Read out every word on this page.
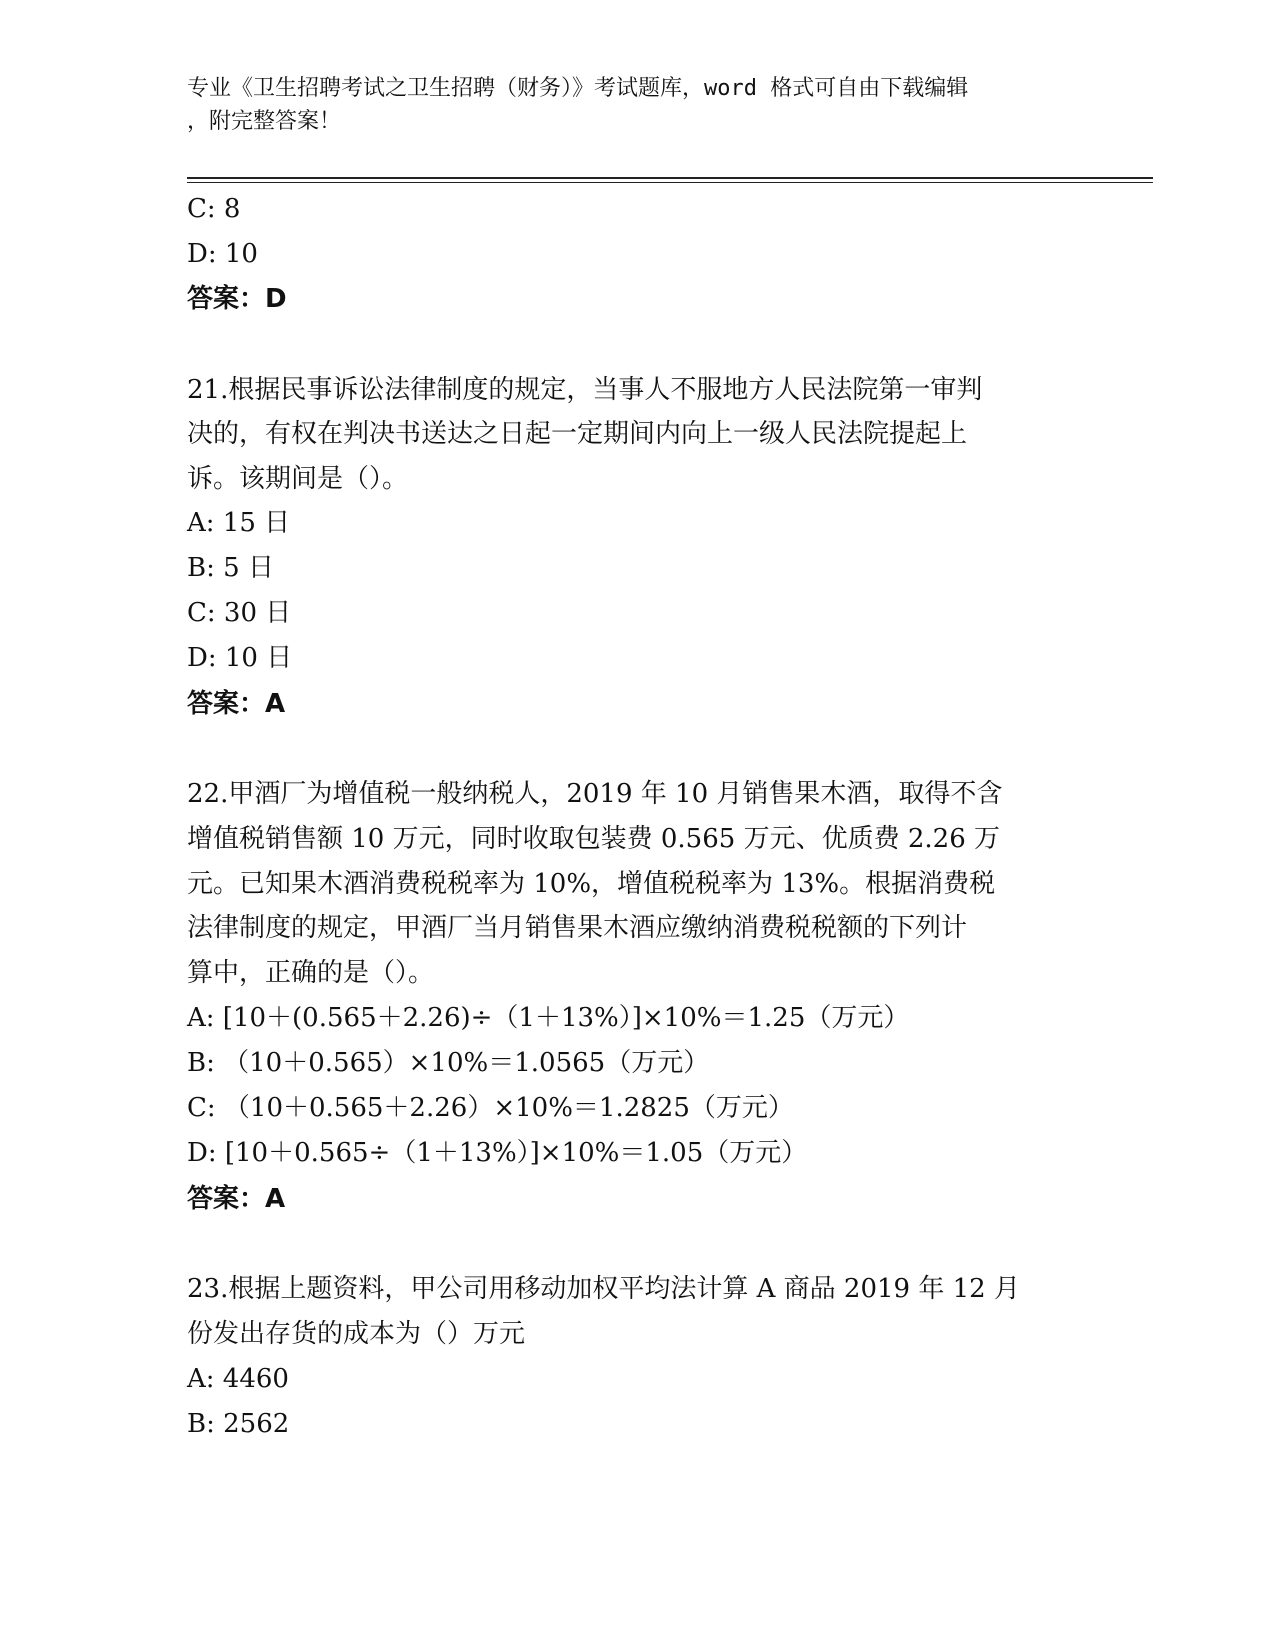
专业《卫生招聘考试之卫生招聘（财务）》考试题库，word 格式可自由下载编辑
，附完整答案！
C: 8
D: 10
答案：D
21.根据民事诉讼法律制度的规定，当事人不服地方人民法院第一审判
决的，有权在判决书送达之日起一定期间内向上一级人民法院提起上
诉。该期间是（）。
A: 15 日
B: 5 日
C: 30 日
D: 10 日
答案：A
22.甲酒厂为增值税一般纳税人，2019 年 10 月销售果木酒，取得不含
增值税销售额 10 万元，同时收取包装费 0.565 万元、优质费 2.26 万
元。已知果木酒消费税税率为 10%，增值税税率为 13%。根据消费税
法律制度的规定，甲酒厂当月销售果木酒应缴纳消费税税额的下列计
算中，正确的是（）。
A: [10＋(0.565＋2.26)÷（1＋13%）]×10%＝1.25（万元）
B: （10＋0.565）×10%＝1.0565（万元）
C: （10＋0.565＋2.26）×10%＝1.2825（万元）
D: [10＋0.565÷（1＋13%）]×10%＝1.05（万元）
答案：A
23.根据上题资料，甲公司用移动加权平均法计算 A 商品 2019 年 12 月
份发出存货的成本为（）万元
A: 4460
B: 2562
